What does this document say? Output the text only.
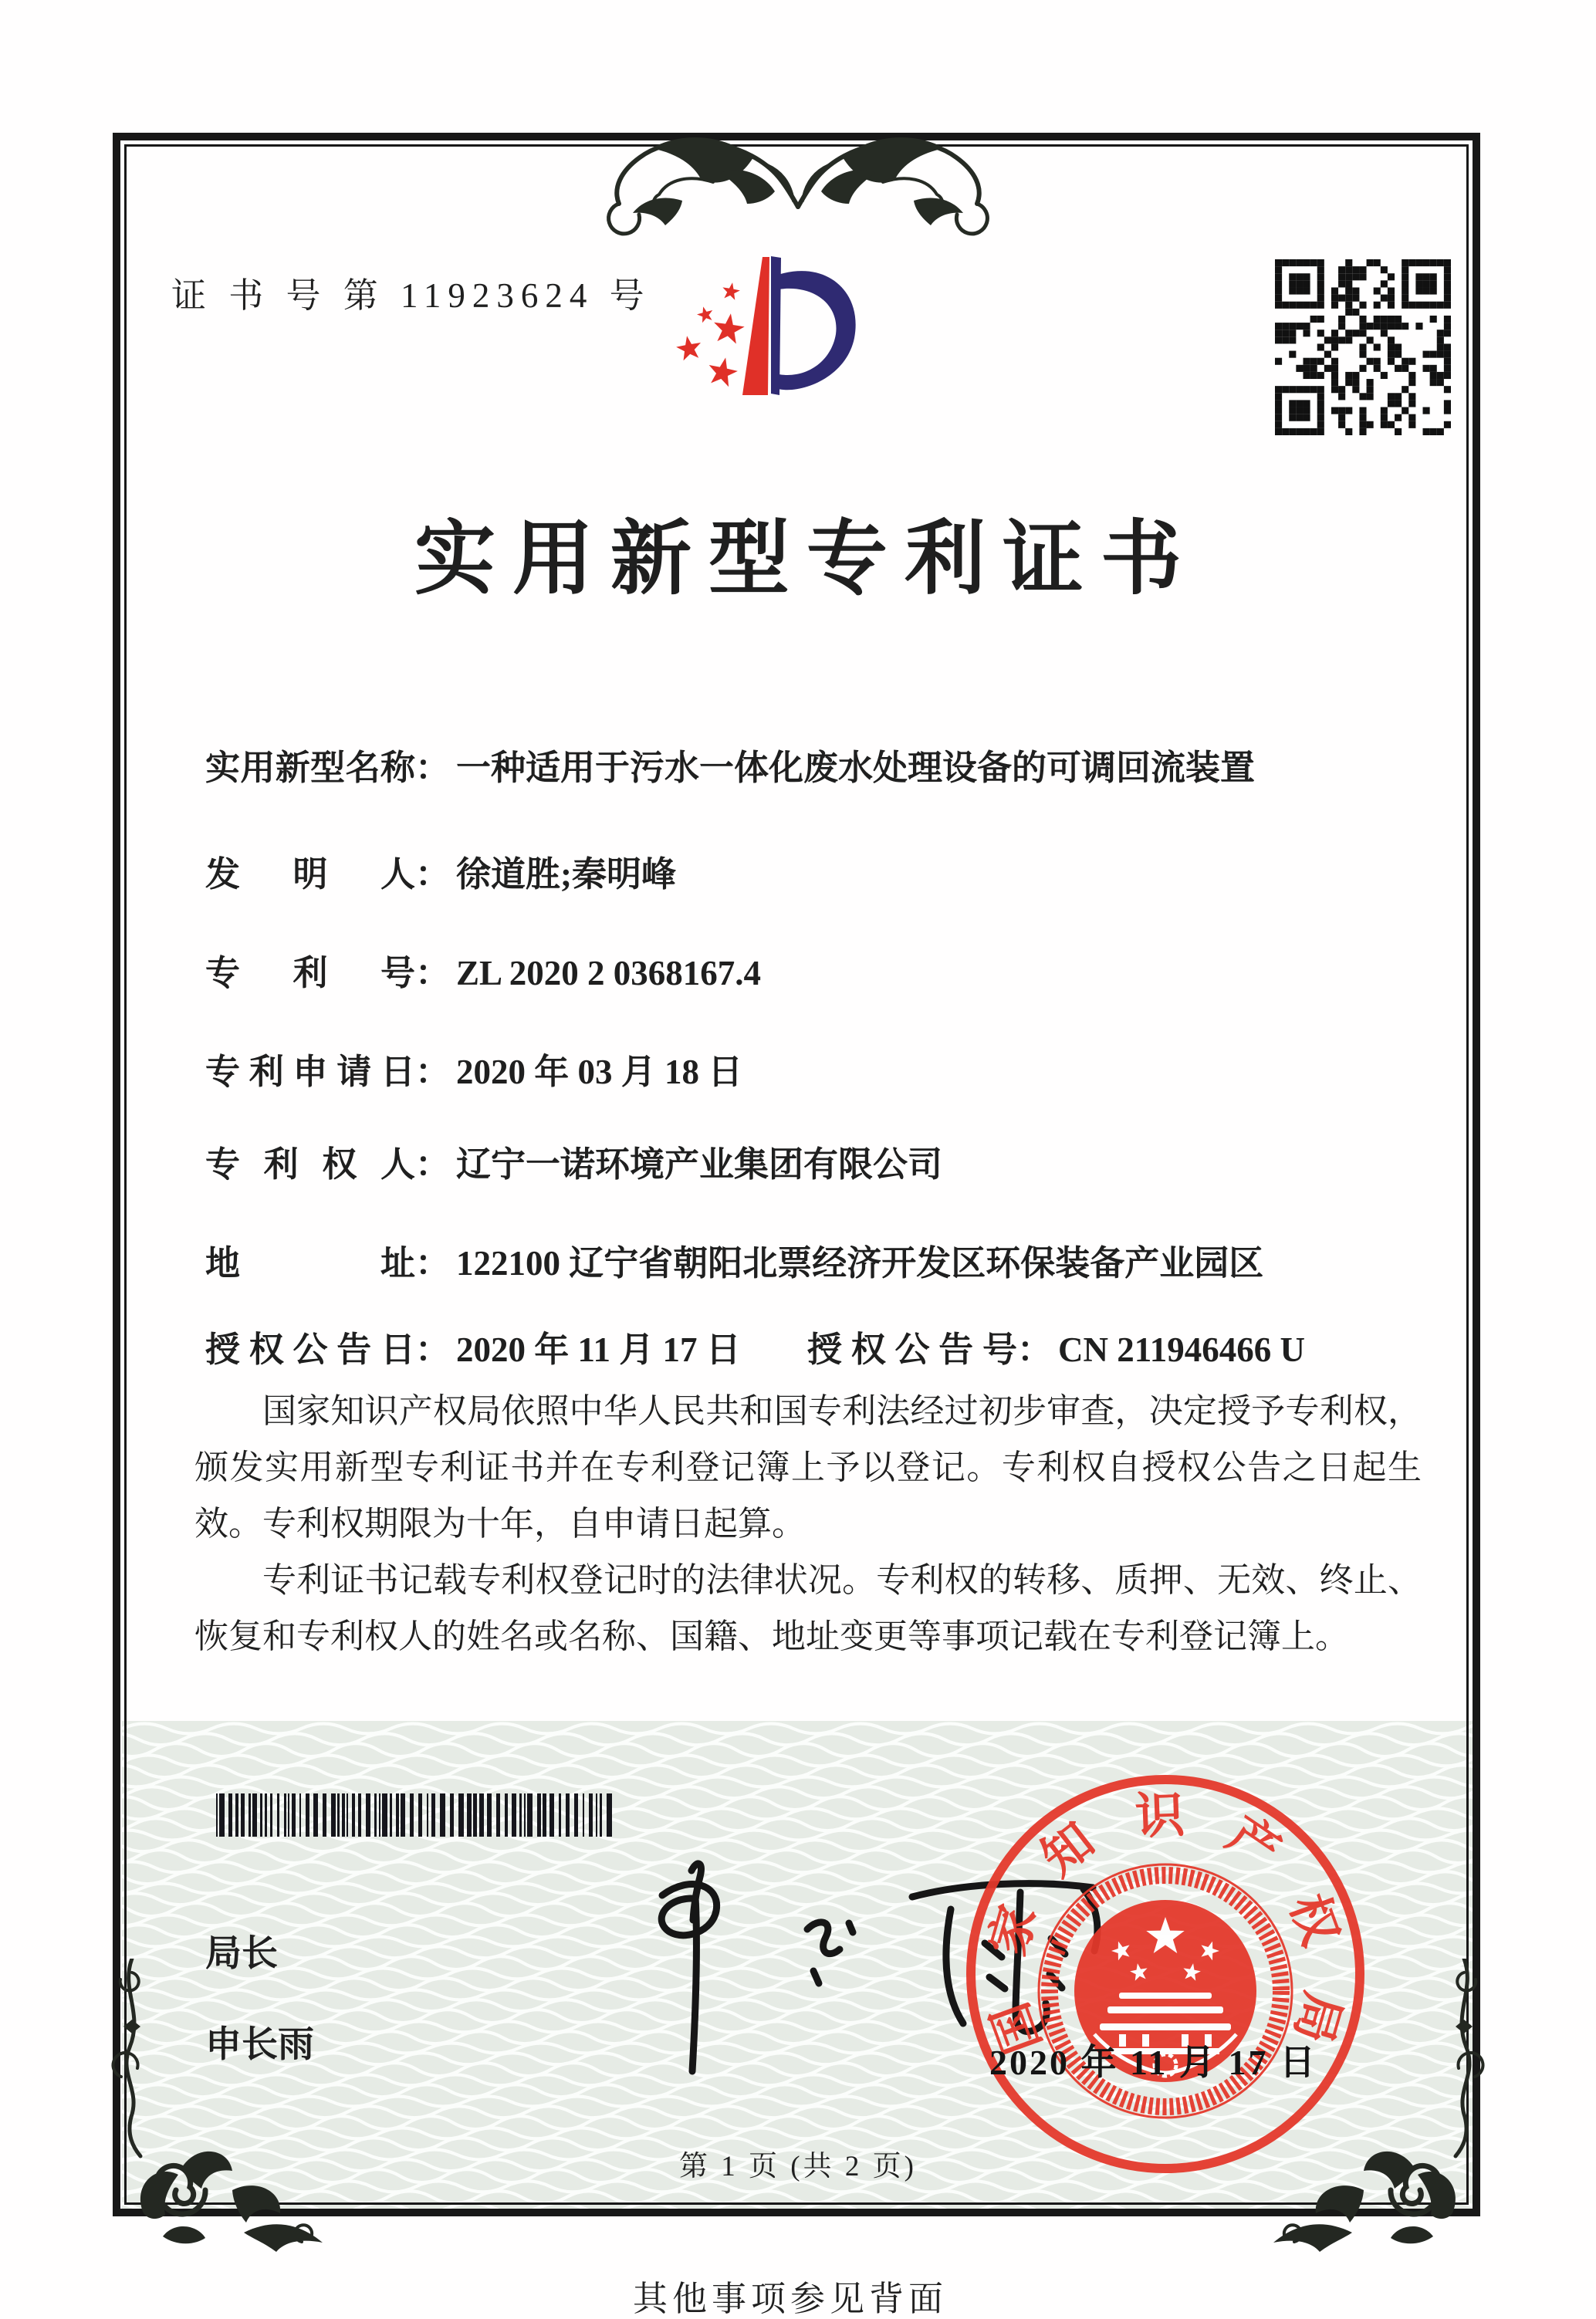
证 书 号 第 11923624 号
实用新型专利证书
实 用 新 型 名 称 ： 一种适用于污水一体化废水处理设备的可调回流装置
发 明 人 ： 徐道胜;秦明峰
专 利 号 ： ZL 2020 2 0368167.4
专 利 申 请 日 ： 2020 年 03 月 18 日
专 利 权 人 ： 辽宁一诺环境产业集团有限公司
地	址 ： 122100 辽宁省朝阳北票经济开发区环保装备产业园区
授 权 公 告 日 ： 2020 年 11 月 17 日 授 权 公 告 号 ： CN 211946466 U

国家知识产权局依照中华人民共和国专利法经过初步审查，决定授予专利权，颁发实用新型专利证书并在专利登记簿上予以登记。专利权自授权公告之日起生效。专利权期限为十年，自申请日起算。

专利证书记载专利权登记时的法律状况。专利权的转移、质押、无效、终止、恢复和专利权人的姓名或名称、国籍、地址变更等事项记载在专利登记簿上。

局长
申长雨	国
家
知 识 产
权
局
2020 年 11 月 17 日
第 1 页 (共 2 页)
其他事项参见背面
